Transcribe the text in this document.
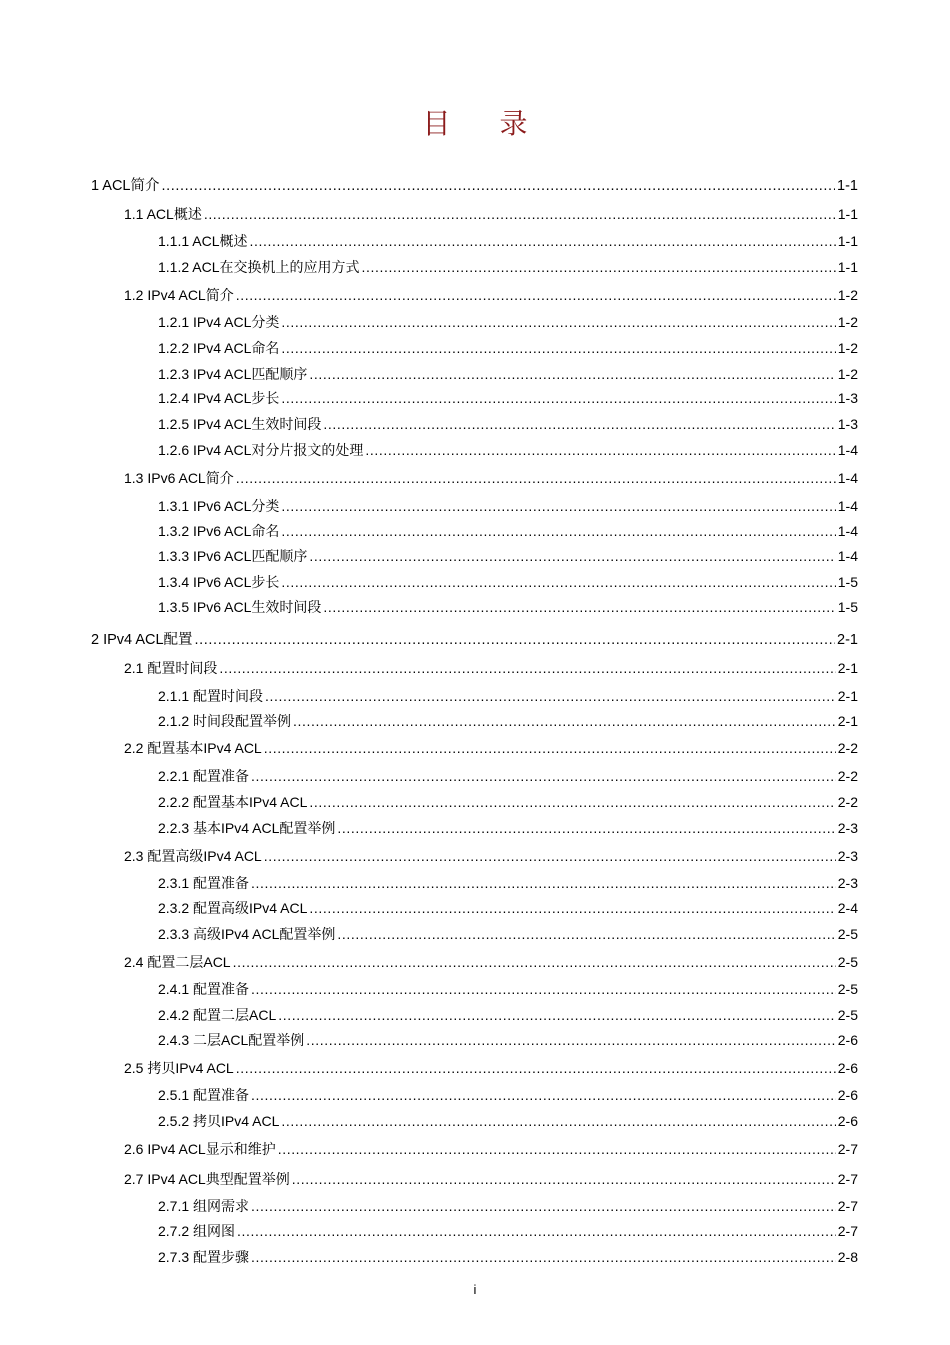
目 录
1 ACL简介 .....	1-1
1.1 ACL概述 .....	1-1
1.1.1 ACL概述 .....	1-1
1.1.2 ACL在交换机上的应用方式 .....	1-1
1.2 IPv4 ACL简介 .....	1-2
1.2.1 IPv4 ACL分类 .....	1-2
1.2.2 IPv4 ACL命名 .....	1-2
1.2.3 IPv4 ACL匹配顺序 .....	1-2
1.2.4 IPv4 ACL步长 .....	1-3
1.2.5 IPv4 ACL生效时间段 .....	1-3
1.2.6 IPv4 ACL对分片报文的处理 .....	1-4
1.3 IPv6 ACL简介 .....	1-4
1.3.1 IPv6 ACL分类 .....	1-4
1.3.2 IPv6 ACL命名 .....	1-4
1.3.3 IPv6 ACL匹配顺序 .....	1-4
1.3.4 IPv6 ACL步长 .....	1-5
1.3.5 IPv6 ACL生效时间段 .....	1-5
2 IPv4 ACL配置 .....	2-1
2.1 配置时间段 .....	2-1
2.1.1 配置时间段 .....	2-1
2.1.2 时间段配置举例 .....	2-1
2.2 配置基本IPv4 ACL .....	2-2
2.2.1 配置准备 .....	2-2
2.2.2 配置基本IPv4 ACL .....	2-2
2.2.3 基本IPv4 ACL配置举例 .....	2-3
2.3 配置高级IPv4 ACL .....	2-3
2.3.1 配置准备 .....	2-3
2.3.2 配置高级IPv4 ACL .....	2-4
2.3.3 高级IPv4 ACL配置举例 .....	2-5
2.4 配置二层ACL .....	2-5
2.4.1 配置准备 .....	2-5
2.4.2 配置二层ACL .....	2-5
2.4.3 二层ACL配置举例 .....	2-6
2.5 拷贝IPv4 ACL .....	2-6
2.5.1 配置准备 .....	2-6
2.5.2 拷贝IPv4 ACL .....	2-6
2.6 IPv4 ACL显示和维护 .....	2-7
2.7 IPv4 ACL典型配置举例 .....	2-7
2.7.1 组网需求 .....	2-7
2.7.2 组网图 .....	2-7
2.7.3 配置步骤 .....	2-8
i
